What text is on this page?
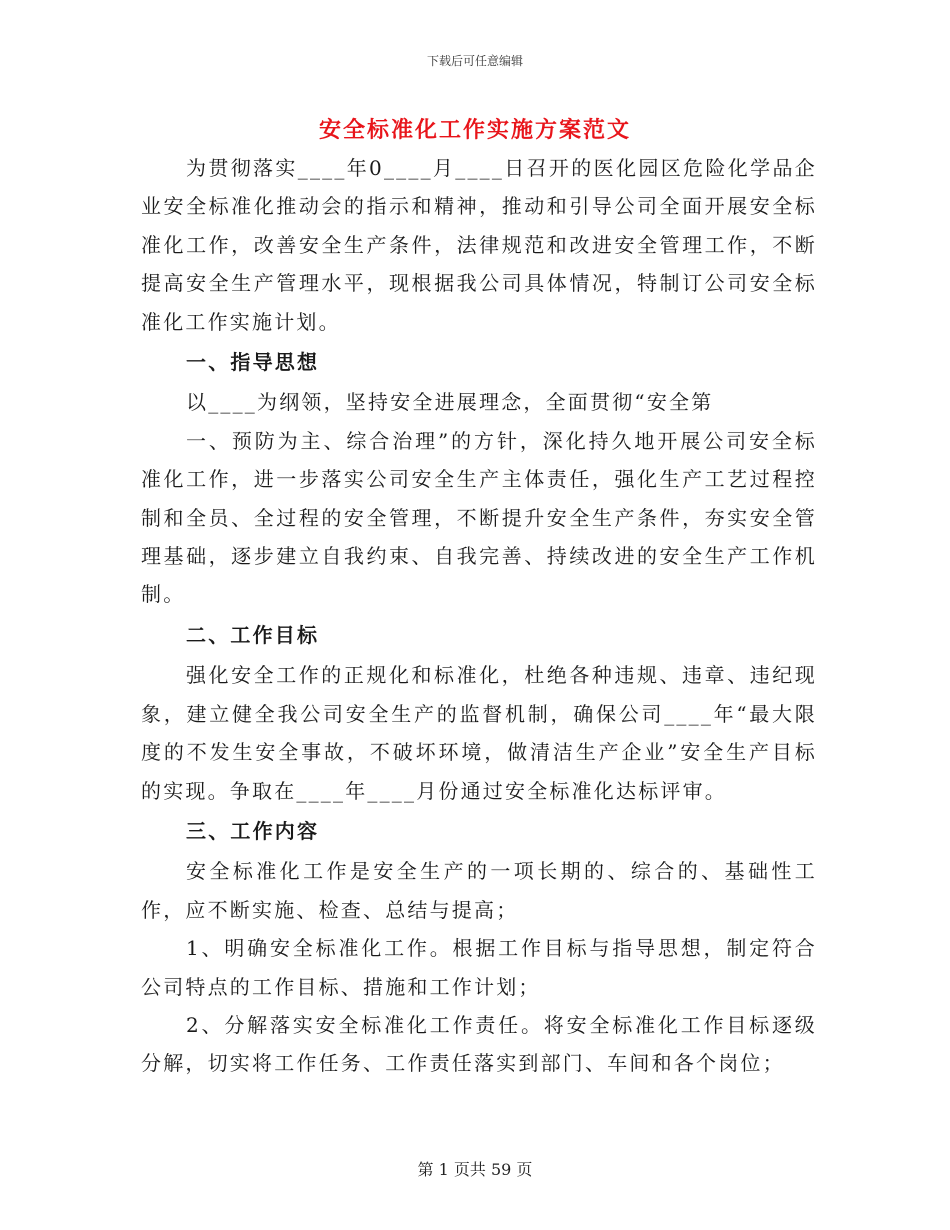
下载后可任意编辑
安全标准化工作实施方案范文

为贯彻落实____年0____月____日召开的医化园区危险化学品企业安全标准化推动会的指示和精神，推动和引导公司全面开展安全标准化工作，改善安全生产条件，法律规范和改进安全管理工作，不断提高安全生产管理水平，现根据我公司具体情况，特制订公司安全标准化工作实施计划。

一、指导思想

以____为纲领，坚持安全进展理念，全面贯彻“安全第

一、预防为主、综合治理”的方针，深化持久地开展公司安全标准化工作，进一步落实公司安全生产主体责任，强化生产工艺过程控制和全员、全过程的安全管理，不断提升安全生产条件，夯实安全管理基础，逐步建立自我约束、自我完善、持续改进的安全生产工作机制。

二、工作目标

强化安全工作的正规化和标准化，杜绝各种违规、违章、违纪现象，建立健全我公司安全生产的监督机制，确保公司____年“最大限度的不发生安全事故，不破坏环境，做清洁生产企业”安全生产目标的实现。争取在____年____月份通过安全标准化达标评审。

三、工作内容

安全标准化工作是安全生产的一项长期的、综合的、基础性工作，应不断实施、检查、总结与提高；

1、明确安全标准化工作。根据工作目标与指导思想，制定符合公司特点的工作目标、措施和工作计划；

2、分解落实安全标准化工作责任。将安全标准化工作目标逐级分解，切实将工作任务、工作责任落实到部门、车间和各个岗位；

第 1 页共 59 页
